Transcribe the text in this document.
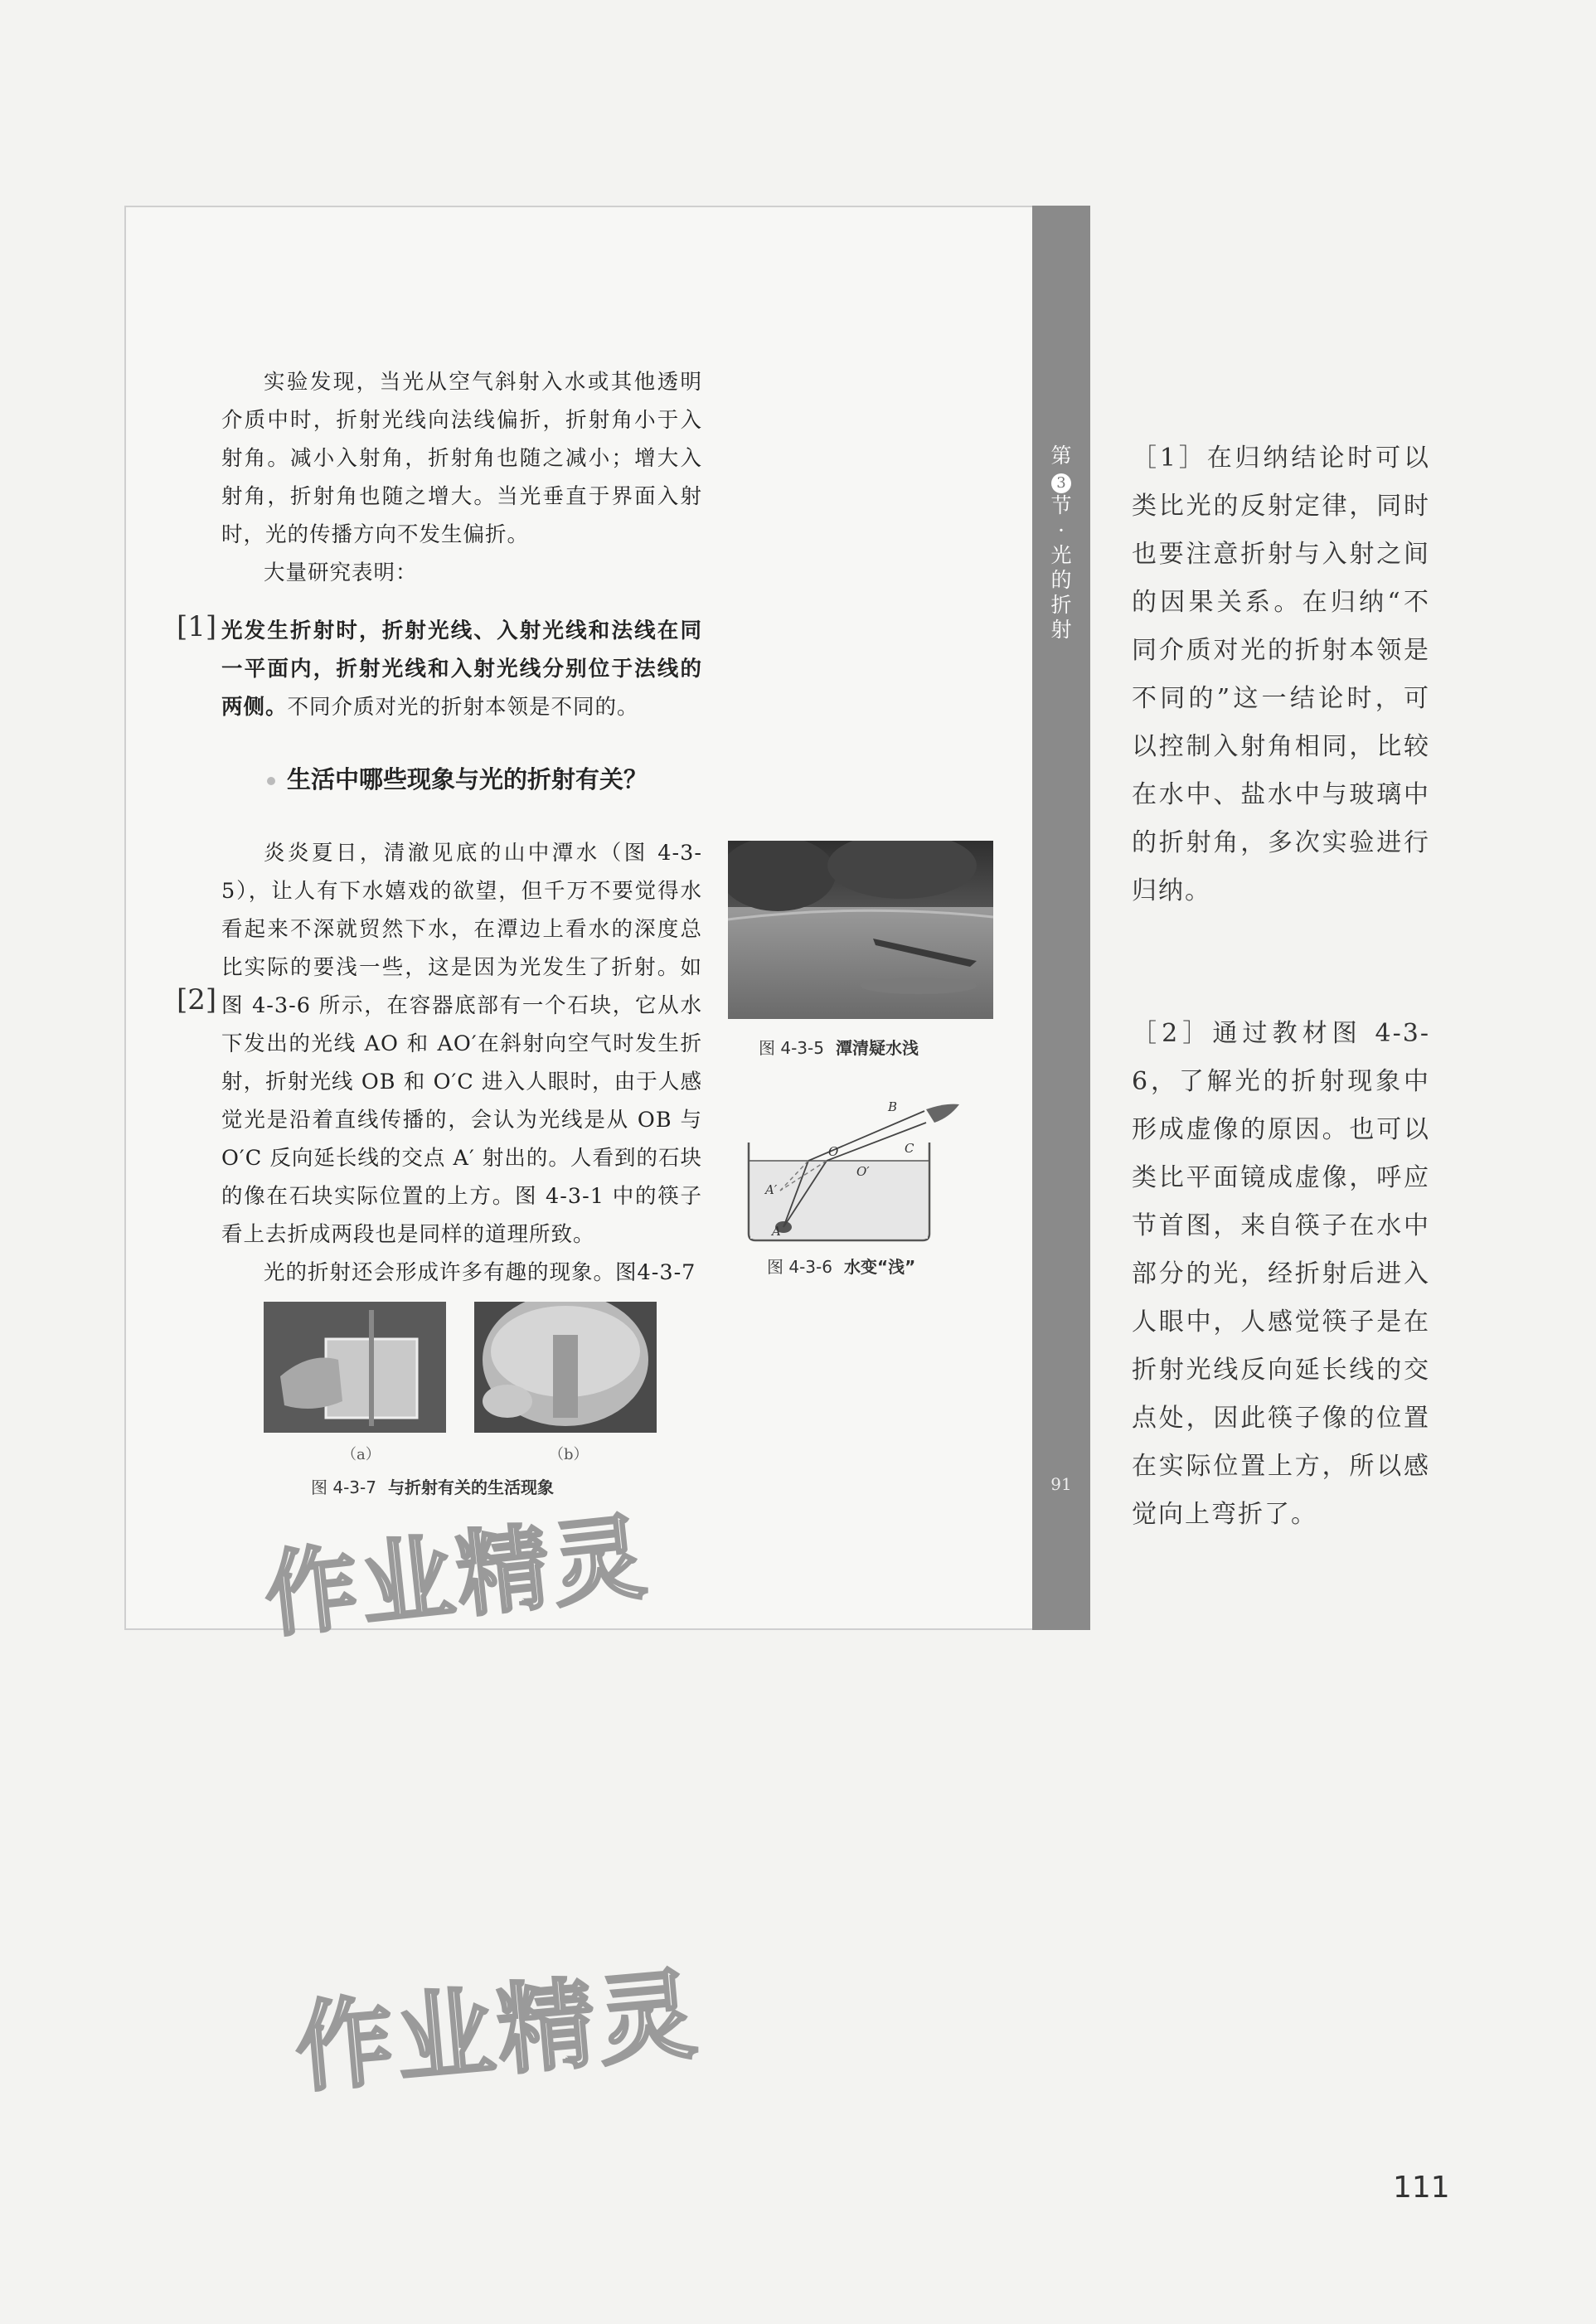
第
3
节
·
光
的
折
射
91
实验发现，当光从空气斜射入水或其他透明介质中时，折射光线向法线偏折，折射角小于入射角。减小入射角，折射角也随之减小；增大入射角，折射角也随之增大。当光垂直于界面入射时，光的传播方向不发生偏折。
大量研究表明：
[1] 光发生折射时，折射光线、入射光线和法线在同一平面内，折射光线和入射光线分别位于法线的两侧。不同介质对光的折射本领是不同的。
生活中哪些现象与光的折射有关？
[2]
炎炎夏日，清澈见底的山中潭水（图 4-3-5），让人有下水嬉戏的欲望，但千万不要觉得水看起来不深就贸然下水，在潭边上看水的深度总比实际的要浅一些，这是因为光发生了折射。如图 4-3-6 所示，在容器底部有一个石块，它从水下发出的光线 AO 和 AO′在斜射向空气时发生折射，折射光线 OB 和 O′C 进入人眼时，由于人感觉光是沿着直线传播的，会认为光线是从 OB 与 O′C 反向延长线的交点 A′ 射出的。人看到的石块的像在石块实际位置的上方。图 4-3-1 中的筷子看上去折成两段也是同样的道理所致。
光的折射还会形成许多有趣的现象。图4-3-7
图 4-3-5 潭清疑水浅
A
A′
O
O′
B
C
图 4-3-6 水变“浅”
（a）	（b）
图 4-3-7 与折射有关的生活现象
［1］在归纳结论时可以类比光的反射定律，同时也要注意折射与入射之间的因果关系。在归纳“不同介质对光的折射本领是不同的”这一结论时，可以控制入射角相同，比较在水中、盐水中与玻璃中的折射角，多次实验进行归纳。
［2］通过教材图 4-3-6，了解光的折射现象中形成虚像的原因。也可以类比平面镜成虚像，呼应节首图，来自筷子在水中部分的光，经折射后进入人眼中，人感觉筷子是在折射光线反向延长线的交点处，因此筷子像的位置在实际位置上方，所以感觉向上弯折了。
作业精灵
作业精灵
111
